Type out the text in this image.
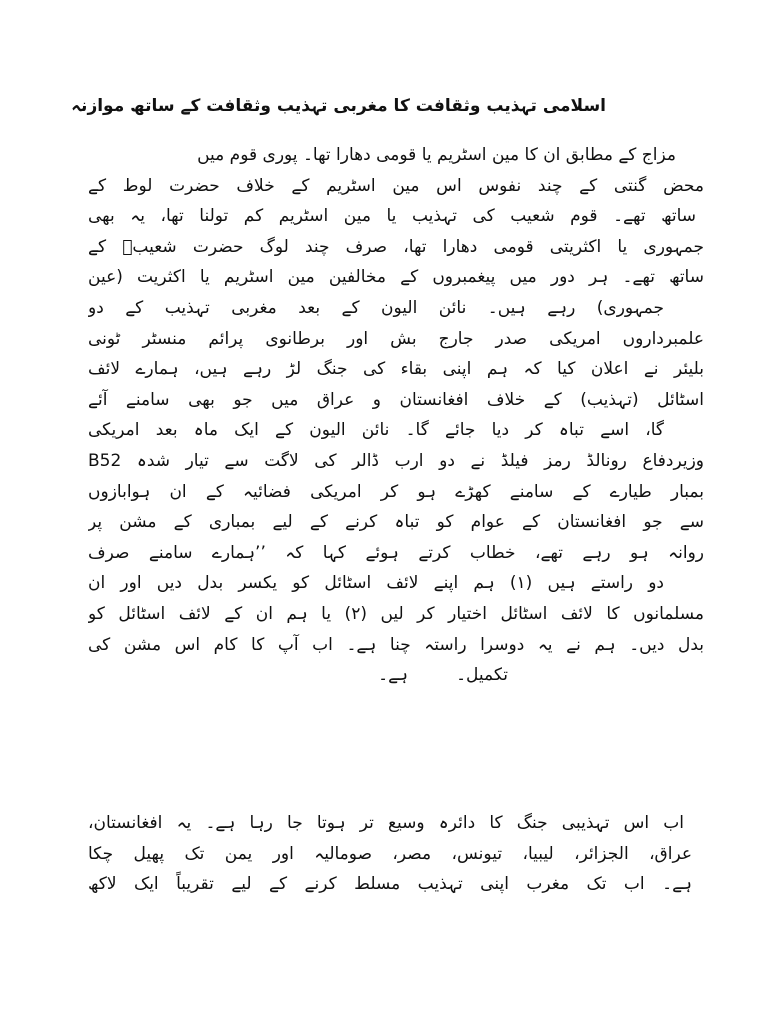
اسلامی تہذیب وثقافت کا مغربی تہذیب وثقافت کے ساتھ موازنہ
مزاج کے مطابق ان کا مین اسٹریم یا قومی دھارا تھا۔ پوری قوم میں
محض گنتی کے چند نفوس اس مین اسٹریم کے خلاف حضرت لوط کے
ساتھ تھے۔ قوم شعیب کی تہذیب یا مین اسٹریم کم تولنا تھا، یہ بھی
جمہوری یا اکثریتی قومی دھارا تھا، صرف چند لوگ حضرت شعیبؑ کے
ساتھ تھے۔ ہر دور میں پیغمبروں کے مخالفین مین اسٹریم یا اکثریت (عین
جمہوری) رہے ہیں۔ نائن الیون کے بعد مغربی تہذیب کے دو
علمبرداروں امریکی صدر جارج بش اور برطانوی پرائم منسٹر ٹونی
بلیئر نے اعلان کیا کہ ہم اپنی بقاء کی جنگ لڑ رہے ہیں، ہمارے لائف
اسٹائل (تہذیب) کے خلاف افغانستان و عراق میں جو بھی سامنے آئے
گا، اسے تباہ کر دیا جائے گا۔ نائن الیون کے ایک ماہ بعد امریکی
وزیردفاع رونالڈ رمز فیلڈ نے دو ارب ڈالر کی لاگت سے تیار شدہ B52
بمبار طیارے کے سامنے کھڑے ہو کر امریکی فضائیہ کے ان ہوابازوں
سے جو افغانستان کے عوام کو تباہ کرنے کے لیے بمباری کے مشن پر
روانہ ہو رہے تھے، خطاب کرتے ہوئے کہا کہ ’’ہمارے سامنے صرف
دو راستے ہیں (۱) ہم اپنے لائف اسٹائل کو یکسر بدل دیں اور ان
مسلمانوں کا لائف اسٹائل اختیار کر لیں (۲) یا ہم ان کے لائف اسٹائل کو
بدل دیں۔ ہم نے یہ دوسرا راستہ چنا ہے۔ اب آپ کا کام اس مشن کی
تکمیل۔
ہے۔
اب اس تہذیبی جنگ کا دائرہ وسیع تر ہوتا جا رہا ہے۔ یہ افغانستان،
عراق، الجزائر، لیبیا، تیونس، مصر، صومالیہ اور یمن تک پھیل چکا
ہے۔ اب تک مغرب اپنی تہذیب مسلط کرنے کے لیے تقریباً ایک لاکھ
